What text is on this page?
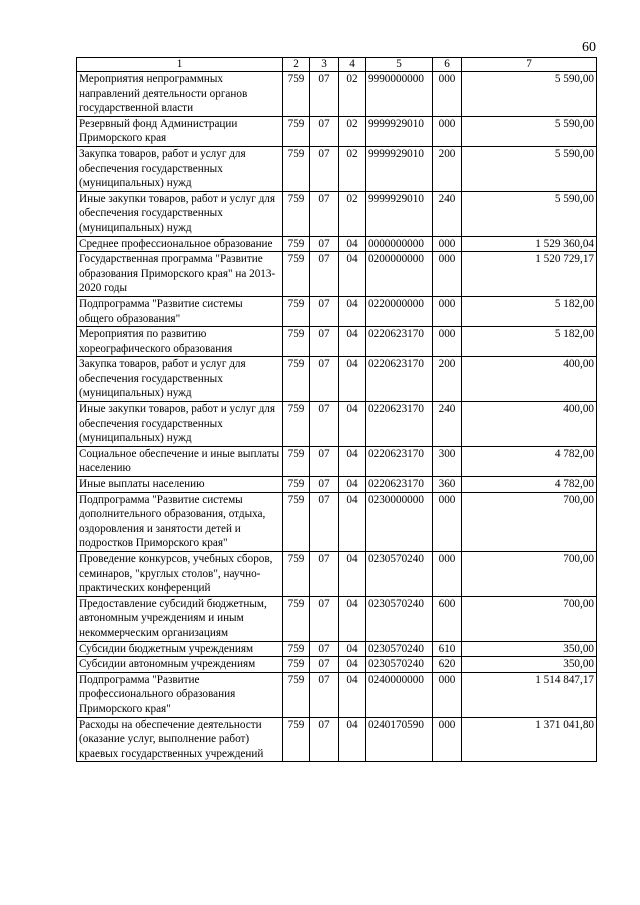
60
1	2	3	4	5	6	7
Мероприятия непрограммных направлений деятельности органов государственной власти	759	07	02	9990000000	000	5 590,00
Резервный фонд Администрации Приморского края	759	07	02	9999929010	000	5 590,00
Закупка товаров, работ и услуг для обеспечения государственных (муниципальных) нужд	759	07	02	9999929010	200	5 590,00
Иные закупки товаров, работ и услуг для обеспечения государственных (муниципальных) нужд	759	07	02	9999929010	240	5 590,00
Среднее профессиональное образование	759	07	04	0000000000	000	1 529 360,04
Государственная программа "Развитие образования Приморского края" на 2013-2020 годы	759	07	04	0200000000	000	1 520 729,17
Подпрограмма "Развитие системы общего образования"	759	07	04	0220000000	000	5 182,00
Мероприятия по развитию хореографического образования	759	07	04	0220623170	000	5 182,00
Закупка товаров, работ и услуг для обеспечения государственных (муниципальных) нужд	759	07	04	0220623170	200	400,00
Иные закупки товаров, работ и услуг для обеспечения государственных (муниципальных) нужд	759	07	04	0220623170	240	400,00
Социальное обеспечение и иные выплаты населению	759	07	04	0220623170	300	4 782,00
Иные выплаты населению	759	07	04	0220623170	360	4 782,00
Подпрограмма "Развитие системы дополнительного образования, отдыха, оздоровления и занятости детей и подростков Приморского края"	759	07	04	0230000000	000	700,00
Проведение конкурсов, учебных сборов, семинаров, "круглых столов", научно-практических конференций	759	07	04	0230570240	000	700,00
Предоставление субсидий бюджетным, автономным учреждениям и иным некоммерческим организациям	759	07	04	0230570240	600	700,00
Субсидии бюджетным учреждениям	759	07	04	0230570240	610	350,00
Субсидии автономным учреждениям	759	07	04	0230570240	620	350,00
Подпрограмма "Развитие профессионального образования Приморского края"	759	07	04	0240000000	000	1 514 847,17
Расходы на обеспечение деятельности (оказание услуг, выполнение работ) краевых государственных учреждений	759	07	04	0240170590	000	1 371 041,80
